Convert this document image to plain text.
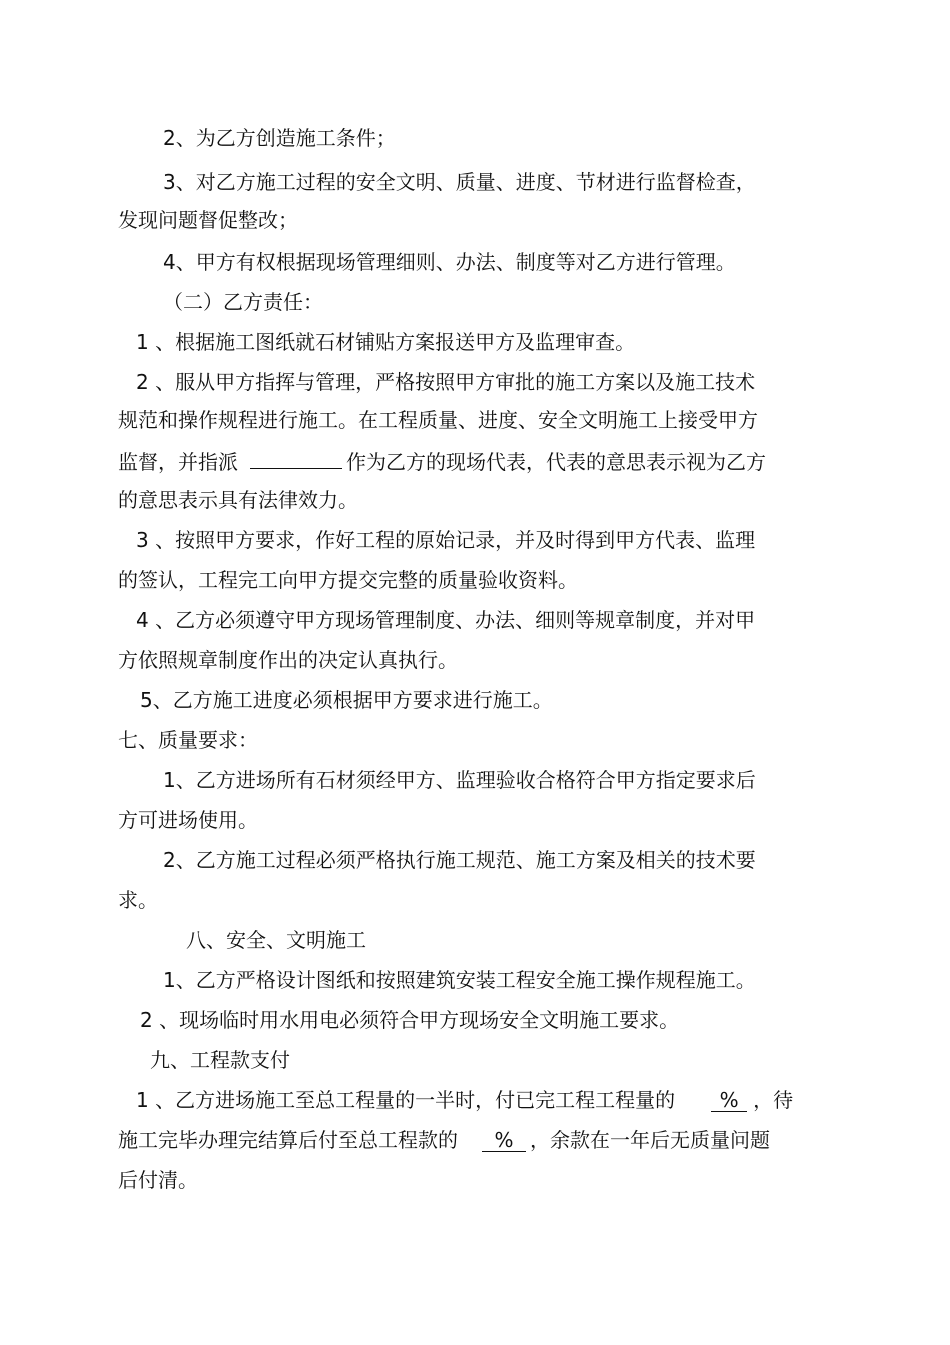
2、为乙方创造施工条件；
3、对乙方施工过程的安全文明、质量、进度、节材进行监督检查，
发现问题督促整改；
4、甲方有权根据现场管理细则、办法、制度等对乙方进行管理。
（二）乙方责任：
1 、根据施工图纸就石材铺贴方案报送甲方及监理审查。
2 、服从甲方指挥与管理，严格按照甲方审批的施工方案以及施工技术
规范和操作规程进行施工。在工程质量、进度、安全文明施工上接受甲方
监督，并指派	作为乙方的现场代表，代表的意思表示视为乙方
的意思表示具有法律效力。
3 、按照甲方要求，作好工程的原始记录，并及时得到甲方代表、监理
的签认，工程完工向甲方提交完整的质量验收资料。
4 、乙方必须遵守甲方现场管理制度、办法、细则等规章制度，并对甲
方依照规章制度作出的决定认真执行。
5、乙方施工进度必须根据甲方要求进行施工。
七、质量要求：
1、乙方进场所有石材须经甲方、监理验收合格符合甲方指定要求后
方可进场使用。
2、乙方施工过程必须严格执行施工规范、施工方案及相关的技术要
求。
八、安全、文明施工
1、乙方严格设计图纸和按照建筑安装工程安全施工操作规程施工。
2 、现场临时用水用电必须符合甲方现场安全文明施工要求。
九、工程款支付
1 、乙方进场施工至总工程量的一半时，付已完工程工程量的 % ，待
施工完毕办理完结算后付至总工程款的 % ，余款在一年后无质量问题
后付清。
